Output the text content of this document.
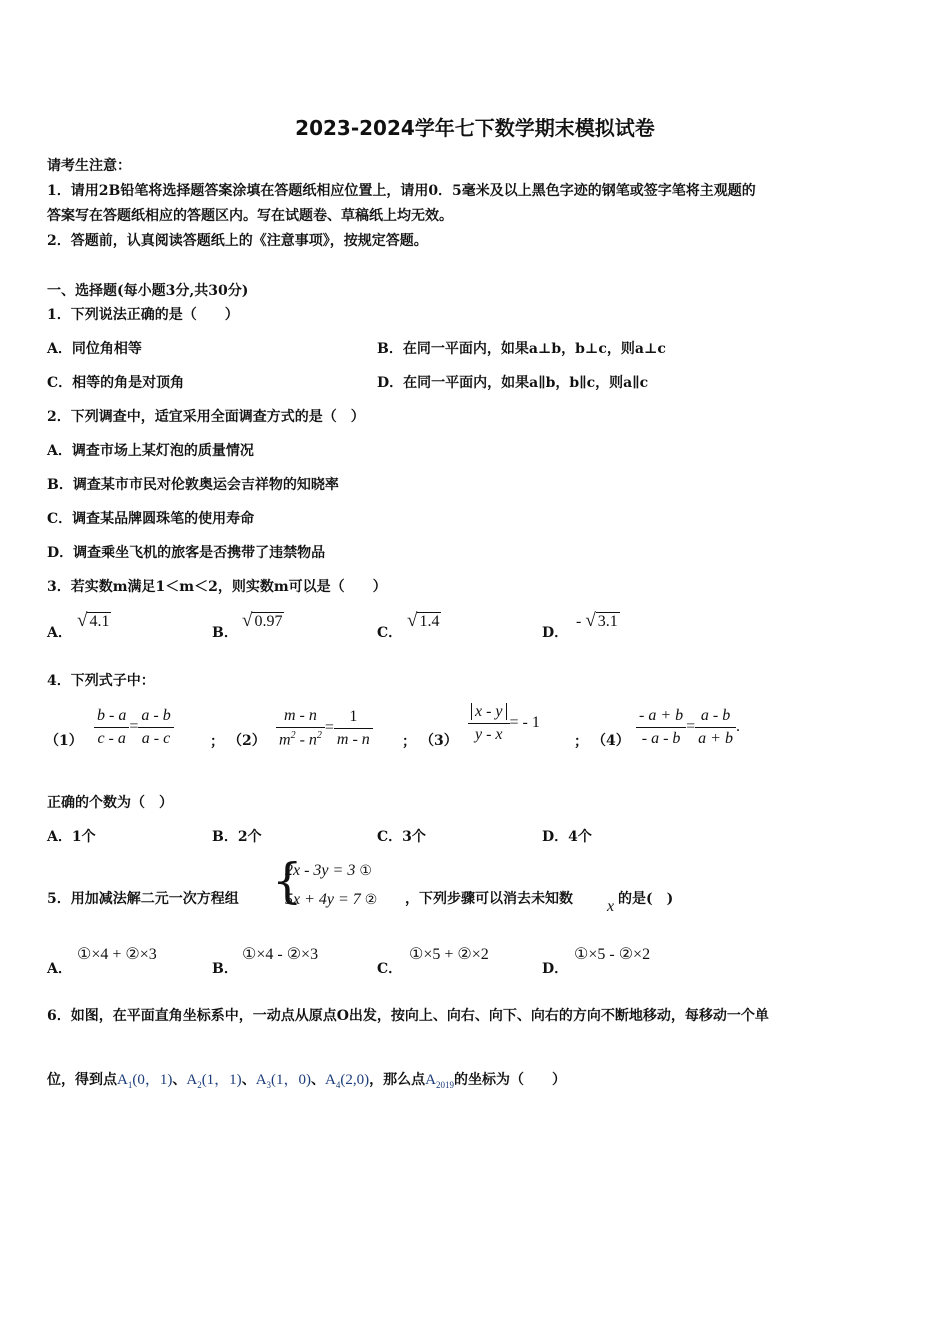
2023-2024学年七下数学期末模拟试卷
请考生注意：
1．请用2B铅笔将选择题答案涂填在答题纸相应位置上，请用0．5毫米及以上黑色字迹的钢笔或签字笔将主观题的
答案写在答题纸相应的答题区内。写在试题卷、草稿纸上均无效。
2．答题前，认真阅读答题纸上的《注意事项》，按规定答题。
一、选择题(每小题3分,共30分)
1．下列说法正确的是（　　）
A．同位角相等	B．在同一平面内，如果a⊥b，b⊥c，则a⊥c
C．相等的角是对顶角	D．在同一平面内，如果a∥b，b∥c，则a∥c
2．下列调查中，适宜采用全面调查方式的是（　）
A．调查市场上某灯泡的质量情况
B．调查某市市民对伦敦奥运会吉祥物的知晓率
C．调查某品牌圆珠笔的使用寿命
D．调查乘坐飞机的旅客是否携带了违禁物品
3．若实数m满足1＜m＜2，则实数m可以是（　　）
A．
√ 4.1
B．
√ 0.97
C．
√ 1.4
D．
- √ 3.1
4．下列式子中：
$(1) \frac{b - a}{c - a} = \frac{a - b}{a - c}$	； $(2) \frac{m - n}{m^2 - n^2} = \frac{1}{m - n}$ ； $(3) \frac{x - y}{y - x}$ = - 1
； $(4) \frac{- a + b}{- a - b} = \frac{a - b}{a + b}$ .
正确的个数为（　）
A．1个	B．2个	C．3个	D．4个
5．用加减法解二元一次方程组 {
2x - 3y = 3 ①
5x + 4y = 7 ② ，下列步骤可以消去未知数 x 的是(　)
A．
①×4 + ②×3
B．
①×4 - ②×3
C．
①×5 + ②×2
D．
①×5 - ②×2
6．如图，在平面直角坐标系中，一动点从原点O出发，按向上、向右、向下、向右的方向不断地移动，每移动一个单
位，得到点$A_1(0$，1)、$A_2(1$，1)、$A_3(1$，0)、$A_4(2,0)$，那么点$A_{2019}$的坐标为（　　）
